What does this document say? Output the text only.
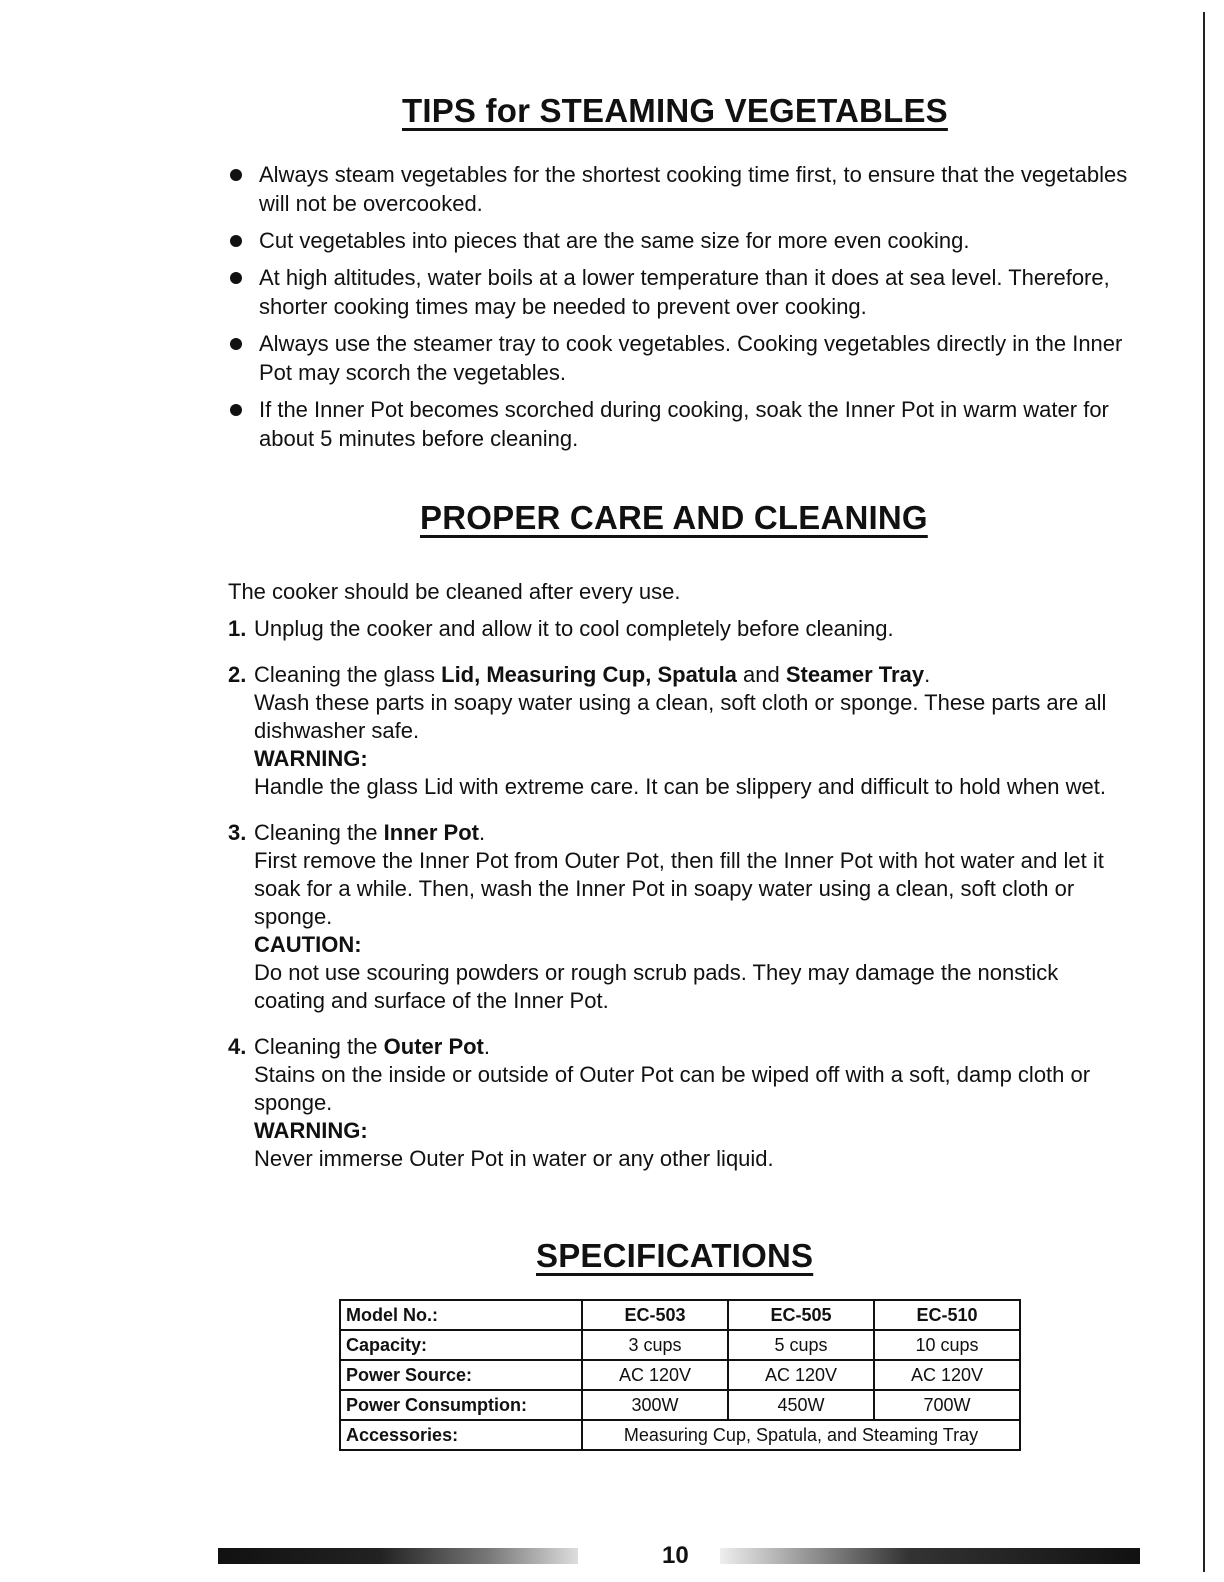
TIPS for STEAMING VEGETABLES
Always steam vegetables for the shortest cooking time first, to ensure that the vegetables will not be overcooked.
Cut vegetables into pieces that are the same size for more even cooking.
At high altitudes, water boils at a lower temperature than it does at sea level. Therefore, shorter cooking times may be needed to prevent over cooking.
Always use the steamer tray to cook vegetables. Cooking vegetables directly in the Inner Pot may scorch the vegetables.
If the Inner Pot becomes scorched during cooking, soak the Inner Pot in warm water for about 5 minutes before cleaning.
PROPER CARE AND CLEANING

The cooker should be cleaned after every use.

1. Unplug the cooker and allow it to cool completely before cleaning.
2. Cleaning the glass Lid, Measuring Cup, Spatula and Steamer Tray.
Wash these parts in soapy water using a clean, soft cloth or sponge. These parts are all dishwasher safe.
WARNING:
Handle the glass Lid with extreme care. It can be slippery and difficult to hold when wet.
3. Cleaning the Inner Pot.
First remove the Inner Pot from Outer Pot, then fill the Inner Pot with hot water and let it soak for a while. Then, wash the Inner Pot in soapy water using a clean, soft cloth or sponge.
CAUTION:
Do not use scouring powders or rough scrub pads. They may damage the nonstick coating and surface of the Inner Pot.
4. Cleaning the Outer Pot.
Stains on the inside or outside of Outer Pot can be wiped off with a soft, damp cloth or sponge.
WARNING:
Never immerse Outer Pot in water or any other liquid.
SPECIFICATIONS
Model No.:	EC-503	EC-505	EC-510
Capacity:	3 cups	5 cups	10 cups
Power Source:	AC 120V	AC 120V	AC 120V
Power Consumption:	300W	450W	700W
Accessories:	Measuring Cup, Spatula, and Steaming Tray		
10
